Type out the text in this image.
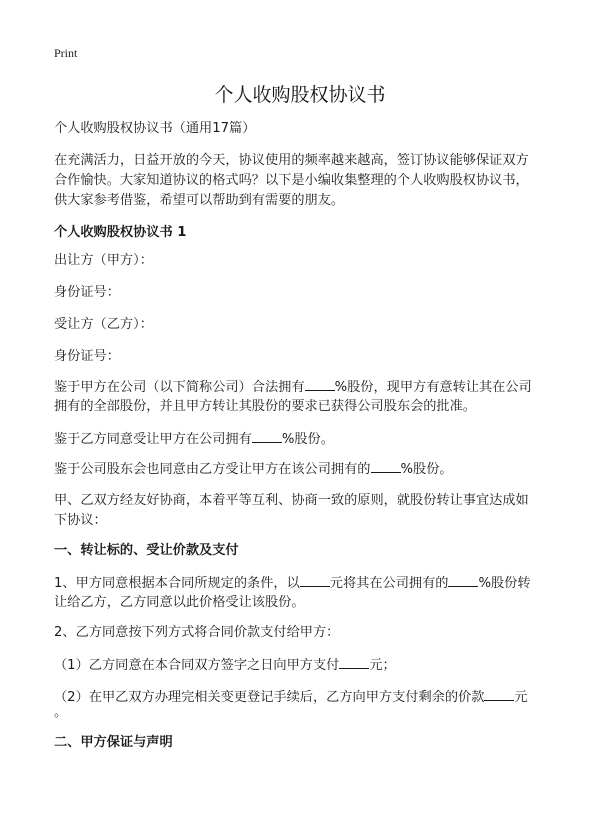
Print
个人收购股权协议书
个人收购股权协议书（通用17篇）
在充满活力，日益开放的今天，协议使用的频率越来越高，签订协议能够保证双方
合作愉快。大家知道协议的格式吗？以下是小编收集整理的个人收购股权协议书，
供大家参考借鉴，希望可以帮助到有需要的朋友。
个人收购股权协议书 1
出让方（甲方）：
身份证号：
受让方（乙方）：
身份证号：
鉴于甲方在公司（以下简称公司）合法拥有 %股份，现甲方有意转让其在公司
拥有的全部股份，并且甲方转让其股份的要求已获得公司股东会的批准。
鉴于乙方同意受让甲方在公司拥有 %股份。
鉴于公司股东会也同意由乙方受让甲方在该公司拥有的 %股份。
甲、乙双方经友好协商，本着平等互利、协商一致的原则，就股份转让事宜达成如
下协议：
一、转让标的、受让价款及支付
1、甲方同意根据本合同所规定的条件，以 元将其在公司拥有的 %股份转
让给乙方，乙方同意以此价格受让该股份。
2、乙方同意按下列方式将合同价款支付给甲方：
（1）乙方同意在本合同双方签字之日向甲方支付 元；
（2）在甲乙双方办理完相关变更登记手续后，乙方向甲方支付剩余的价款 元
。
二、甲方保证与声明
